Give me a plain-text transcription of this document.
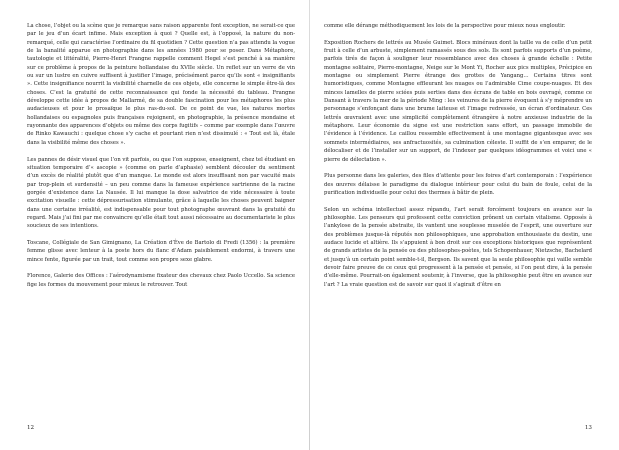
La chose, l’objet ou la scène que je remarque sans raison apparente font exception, ne serait-ce que par le jeu d’un écart infime. Mais exception à quoi ? Quelle est, à l’opposé, la nature du non-remarqué, celle qui caractérise l’ordinaire du fil quotidien ? Cette question n’a pas attendu la vogue de la banalité apparue en photographie dans les années 1980 pour se poser. Dans Métaphore, tautologie et littéralité, Pierre-Henri Frangne rappelle comment Hegel s’est penché à sa manière sur ce problème à propos de la peinture hollandaise du XVIIe siècle. Un reflet sur un verre de vin ou sur un lustre en cuivre suffisent à justifier l’image, précisément parce qu’ils sont « insignifiants ». Cette insignifiance nourrit la visibilité charnelle de ces objets, elle concerne le simple être-là des choses. C’est la gratuité de cette reconnaissance qui fonde la nécessité du tableau. Frangne développe cette idée à propos de Mallarmé, de sa double fascination pour les métaphores les plus audacieuses et pour le prosaïque le plus ras-du-sol. De ce point de vue, les natures mortes hollandaises ou espagnoles puis françaises rejoignent, en photographie, la présence mondaine et rayonnante des apparences d’objets ou même des corps fugitifs – comme par exemple dans l’œuvre de Rinko Kawauchi : quelque chose s’y cache et pourtant rien n’est dissimulé : « Tout est là, étale dans la visibilité même des choses ».

Les pannes de désir visuel que l’on vit parfois, ou que l’on suppose, enseignent, chez tel étudiant en situation temporaire d’« ascopie » (comme on parle d’aphasie) semblent découler du sentiment d’un excès de réalité plutôt que d’un manque. Le monde est alors insuffisant non par vacuité mais par trop-plein et surdensité – un peu comme dans la fameuse expérience sartrienne de la racine gorgée d’existence dans La Nausée. Il lui manque la dose salvatrice de vide nécessaire à toute excitation visuelle : cette dépressurisation stimulante, grâce à laquelle les choses peuvent baigner dans une certaine irréalité, est indispensable pour tout photographe œuvrant dans la gratuité du regard. Mais j’ai fini par me convaincre qu’elle était tout aussi nécessaire au documentariste le plus soucieux de ses intentions.

Toscane, Collégiale de San Gimignano, La Création d’Ève de Bartolo di Fredi (1356) : la première femme glisse avec lenteur à la poste hors du flanc d’Adam paisiblement endormi, à travers une mince fente, figurée par un trait, tout comme son propre sexe glabre.

Florence, Galerie des Offices : l’aérodynamisme fixateur des chevaux chez Paolo Uccello. Sa science fige les formes du mouvement pour mieux le retrouver. Tout

12

comme elle dérange méthodiquement les lois de la perspective pour mieux nous engloutir.

Exposition Rochers de lettrés au Musée Guimet. Blocs minéraux dont la taille va de celle d’un petit fruit à celle d’un arbuste, simplement ramassés sous des sols. Ils sont parfois supports d’un poème, parfois tirés de façon à souligner leur ressemblance avec des choses à grande échelle : Petite montagne solitaire, Pierre-montagne, Neige sur le Mont Yi, Rocher aux pics multiples, Précipice en montagne ou simplement Pierre étrange des grottes de Yangang… Certains titres sont humoristiques, comme Montagne effleurant les nuages ou l’admirable Cime coupe-nuages. Et des minces lamelles de pierre sciées puis serties dans des écrans de table en bois ouvragé, comme ce Dansant à travers la mer de la période Ming : les veinures de la pierre évoquent à s’y méprendre un personnage s’enfonçant dans une brume laiteuse et l’image redressée, un écran d’ordinateur. Ces lettrés œuvraient avec une simplicité complètement étrangère à notre anxieuse industrie de la métaphore. Leur économie du signe est une restriction sans effort, un passage immobile de l’évidence à l’évidence. Le caillou ressemble effectivement à une montagne gigantesque avec ses sommets intermédiaires, ses anfractuosités, sa culmination céleste. Il suffit de s’en emparer, de le délocaliser et de l’installer sur un support, de l’indexer par quelques idéogrammes et voici une « pierre de délectation ».

Plus personne dans les galeries, des files d’attente pour les foires d’art contemporain : l’expérience des œuvres délaisse le paradigme du dialogue intérieur pour celui du bain de foule, celui de la purification individuelle pour celui des thermes à bâtir de plein.

Selon un schéma intellectuel assez répandu, l’art serait forcément toujours en avance sur la philosophie. Les penseurs qui professent cette conviction prônent un certain vitalisme. Opposés à l’ankylose de la pensée abstraite, ils vantent une souplesse muselée de l’esprit, une ouverture sur des problèmes jusque-là réputés non philosophiques, une approbation enthousiaste du destin, une audace lucide et altière. Ils s’appuient à bon droit sur ces exceptions historiques que représentent de grands artistes de la pensée ou des philosophes-poètes, tels Schopenhauer, Nietzsche, Bachelard et jusqu’à un certain point semble-t-il, Bergson. Ils savent que la seule philosophie qui vaille semble devoir faire preuve de ce ceux qui progressent à la pensée et pensée, si l’on peut dire, à la pensée d’elle-même. Pourrait-on également soutenir, à l’inverse, que la philosophie peut être en avance sur l’art ? La vraie question est de savoir sur quoi il s’agirait d’être en

13
